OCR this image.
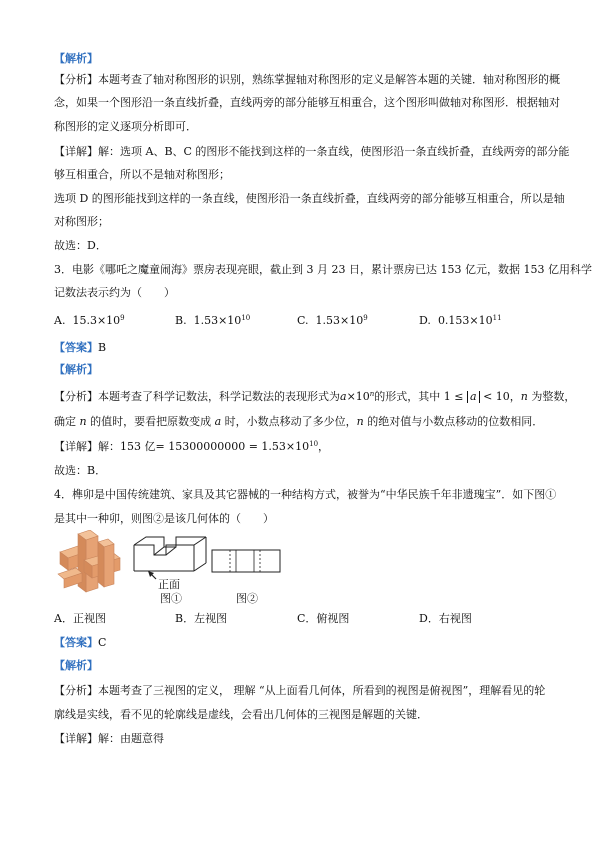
【解析】
【分析】本题考查了轴对称图形的识别，熟练掌握轴对称图形的定义是解答本题的关键．轴对称图形的概
念，如果一个图形沿一条直线折叠，直线两旁的部分能够互相重合，这个图形叫做轴对称图形．根据轴对
称图形的定义逐项分析即可．
【详解】解：选项 A、B、C 的图形不能找到这样的一条直线，使图形沿一条直线折叠，直线两旁的部分能
够互相重合，所以不是轴对称图形；
选项 D 的图形能找到这样的一条直线，使图形沿一条直线折叠，直线两旁的部分能够互相重合，所以是轴
对称图形；
故选：D．
3．电影《哪吒之魔童闹海》票房表现亮眼，截止到 3 月 23 日，累计票房已达 153 亿元，数据 153 亿用科学
记数法表示约为（　　）
A. $15.3\times 10^9$	B. $1.53\times 10^{10}$	C. $1.53\times 10^9$	D. $0.153\times 10^{11}$
【答案】B
【解析】
【分析】本题考查了科学记数法，科学记数法的表现形式为$a\times 10^n$的形式，其中 1 ≤ a < 10，n 为整数，
确定 n 的值时，要看把原数变成 a 时，小数点移动了多少位，n 的绝对值与小数点移动的位数相同．
【详解】解：153 亿= $15300000000 = 1.53\times 10^{10}$，
故选：B．
4．榫卯是中国传统建筑、家具及其它器械的一种结构方式，被誉为“中华民族千年非遗瑰宝”．如下图①
是其中一种卯，则图②是该几何体的（　　）
正面
图①	图②
A．正视图	B．左视图	C．俯视图	D．右视图
【答案】C
【解析】
【分析】本题考查了三视图的定义， 理解 “从上面看几何体，所看到的视图是俯视图”，理解看见的轮
廓线是实线，看不见的轮廓线是虚线，会看出几何体的三视图是解题的关键．
【详解】解：由题意得
